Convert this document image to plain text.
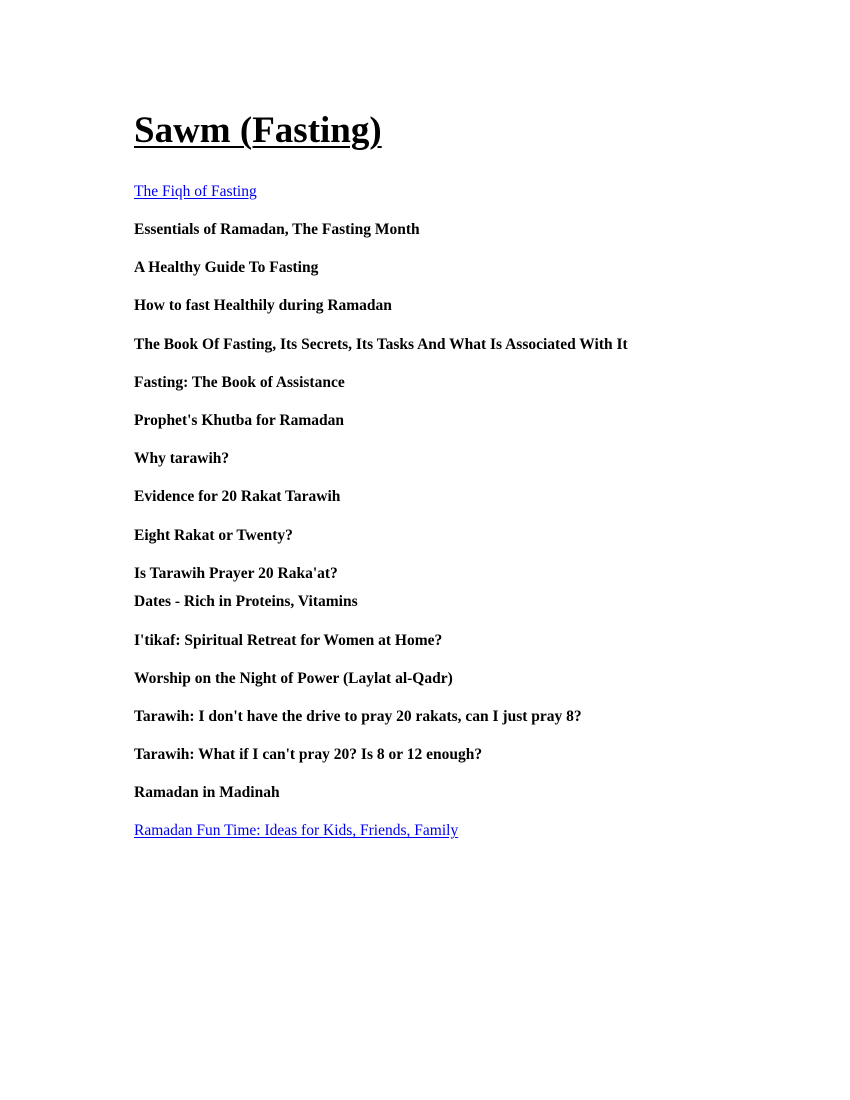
Sawm (Fasting)
The Fiqh of Fasting
Essentials of Ramadan, The Fasting Month
A Healthy Guide To Fasting
How to fast Healthily during Ramadan
The Book Of Fasting, Its Secrets, Its Tasks And What Is Associated With It
Fasting: The Book of Assistance
Prophet's Khutba for Ramadan
Why tarawih?
Evidence for 20 Rakat Tarawih
Eight Rakat or Twenty?
Is Tarawih Prayer 20 Raka'at?
Dates - Rich in Proteins, Vitamins
I'tikaf: Spiritual Retreat for Women at Home?
Worship on the Night of Power (Laylat al-Qadr)
Tarawih: I don't have the drive to pray 20 rakats, can I just pray 8?
Tarawih: What if I can't pray 20? Is 8 or 12 enough?
Ramadan in Madinah
Ramadan Fun Time: Ideas for Kids, Friends, Family
